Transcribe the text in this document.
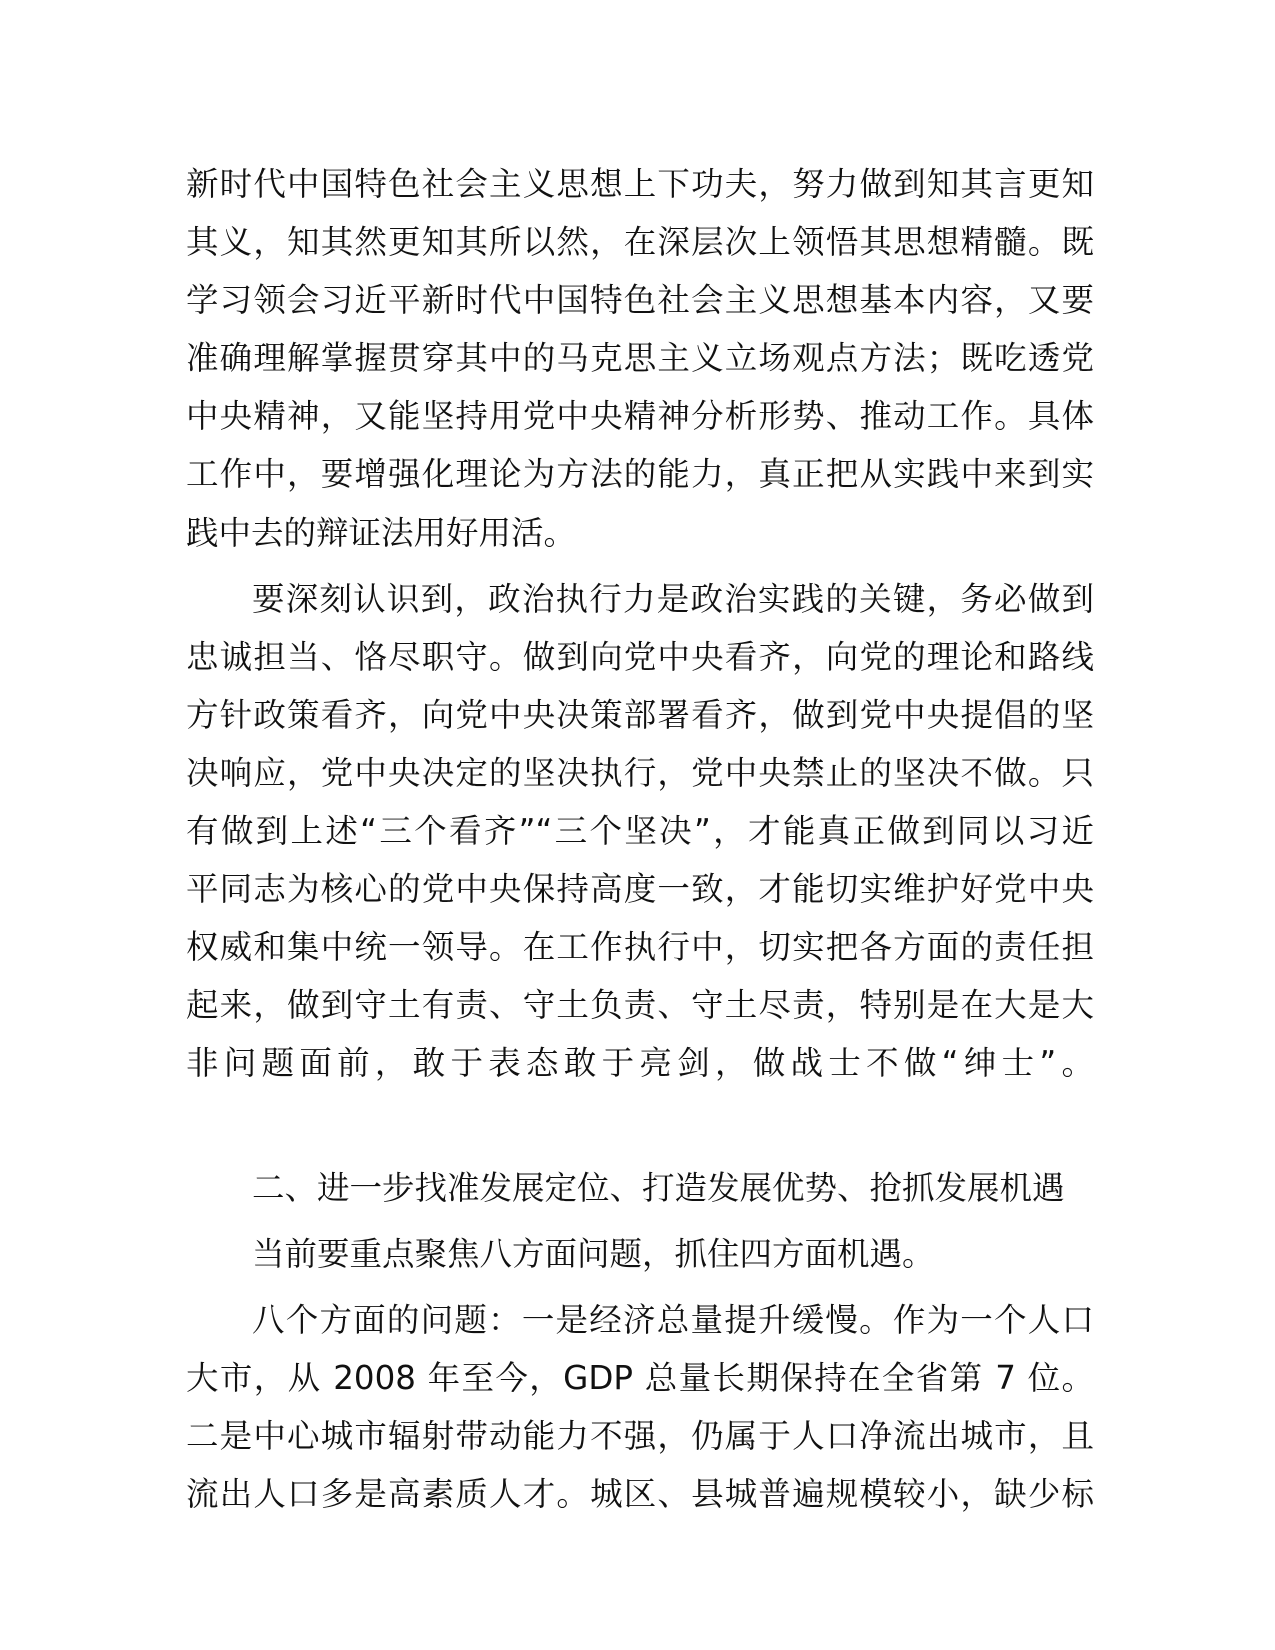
新时代中国特色社会主义思想上下功夫，努力做到知其言更知
其义，知其然更知其所以然，在深层次上领悟其思想精髓。既
学习领会习近平新时代中国特色社会主义思想基本内容，又要
准确理解掌握贯穿其中的马克思主义立场观点方法；既吃透党
中央精神，又能坚持用党中央精神分析形势、推动工作。具体
工作中，要增强化理论为方法的能力，真正把从实践中来到实
践中去的辩证法用好用活。
要深刻认识到，政治执行力是政治实践的关键，务必做到
忠诚担当、恪尽职守。做到向党中央看齐，向党的理论和路线
方针政策看齐，向党中央决策部署看齐，做到党中央提倡的坚
决响应，党中央决定的坚决执行，党中央禁止的坚决不做。只
有做到上述“三个看齐”“三个坚决”，才能真正做到同以习近
平同志为核心的党中央保持高度一致，才能切实维护好党中央
权威和集中统一领导。在工作执行中，切实把各方面的责任担
起来，做到守土有责、守土负责、守土尽责，特别是在大是大
非问题面前，敢于表态敢于亮剑，做战士不做“绅士”。
二、进一步找准发展定位、打造发展优势、抢抓发展机遇
当前要重点聚焦八方面问题，抓住四方面机遇。
八个方面的问题：一是经济总量提升缓慢。作为一个人口
大市，从 2008 年至今，GDP 总量长期保持在全省第 7 位。
二是中心城市辐射带动能力不强，仍属于人口净流出城市，且
流出人口多是高素质人才。城区、县城普遍规模较小，缺少标
